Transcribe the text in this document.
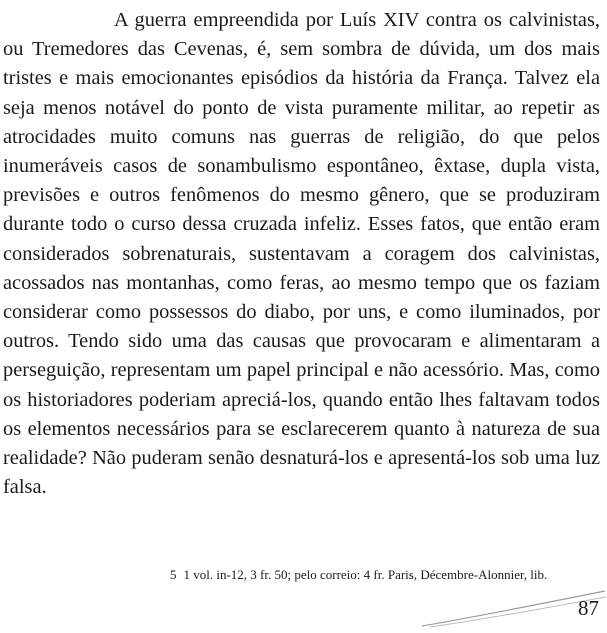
A guerra empreendida por Luís XIV contra os calvinistas, ou Tremedores das Cevenas, é, sem sombra de dúvida, um dos mais tristes e mais emocionantes episódios da história da França. Talvez ela seja menos notável do ponto de vista puramente militar, ao repetir as atrocidades muito comuns nas guerras de religião, do que pelos inumeráveis casos de sonambulismo espontâneo, êxtase, dupla vista, previsões e outros fenômenos do mesmo gênero, que se produziram durante todo o curso dessa cruzada infeliz. Esses fatos, que então eram considerados sobrenaturais, sustentavam a coragem dos calvinistas, acossados nas montanhas, como feras, ao mesmo tempo que os faziam considerar como possessos do diabo, por uns, e como iluminados, por outros. Tendo sido uma das causas que provocaram e alimentaram a perseguição, representam um papel principal e não acessório. Mas, como os historiadores poderiam apreciá-los, quando então lhes faltavam todos os elementos necessários para se esclarecerem quanto à natureza de sua realidade? Não puderam senão desnaturá-los e apresentá-los sob uma luz falsa.

5 1 vol. in-12, 3 fr. 50; pelo correio: 4 fr. Paris, Décembre-Alonnier, lib.
87
